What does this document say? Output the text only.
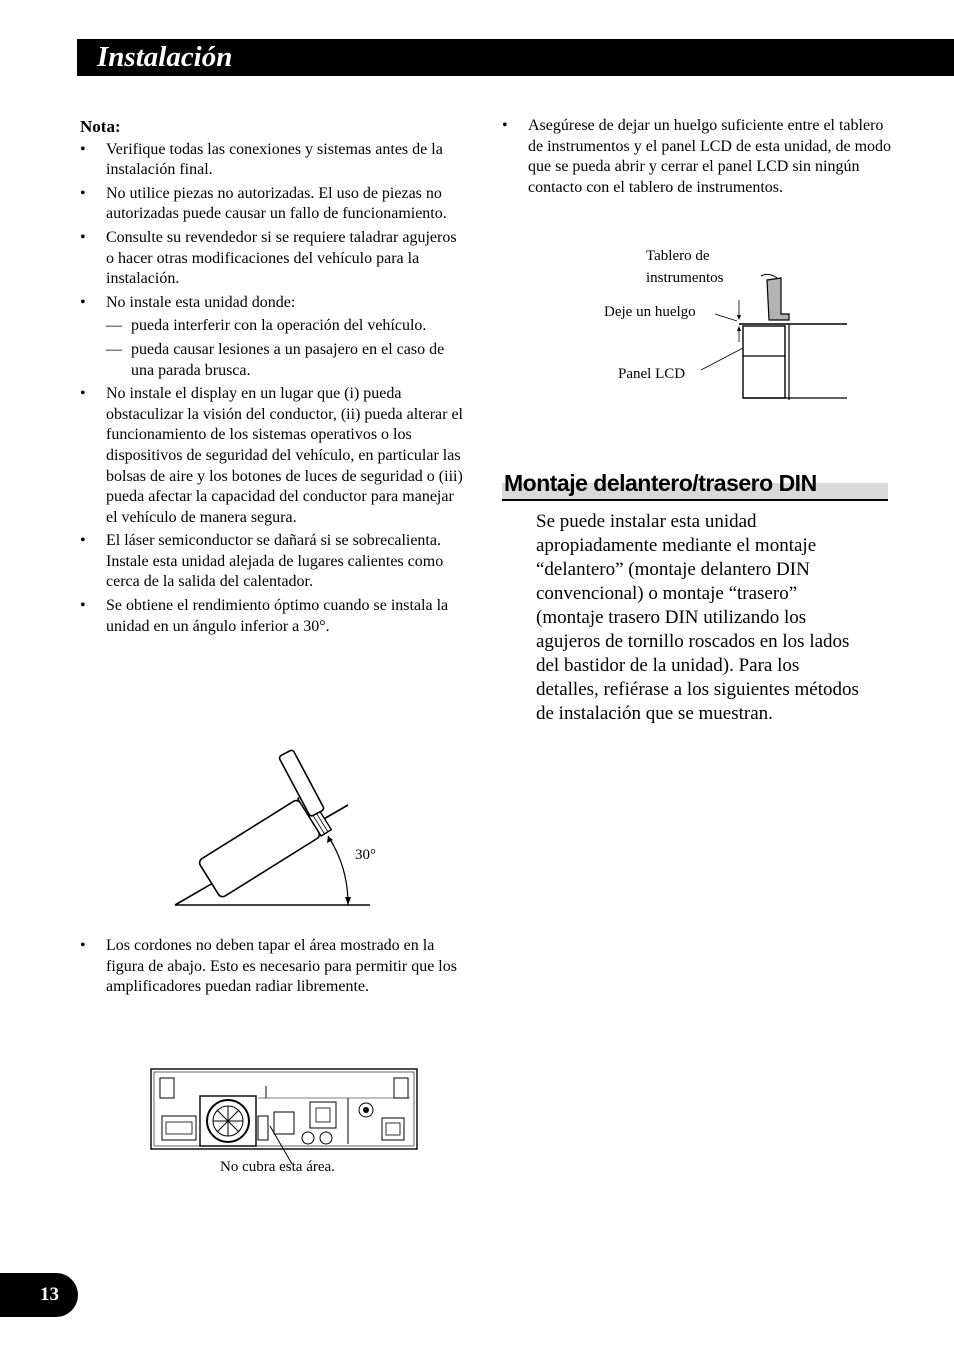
Instalación
Nota:
• Verifique todas las conexiones y sistemas antes de la instalación final.
• No utilice piezas no autorizadas. El uso de piezas no autorizadas puede causar un fallo de funcionamiento.
• Consulte su revendedor si se requiere taladrar agujeros o hacer otras modificaciones del vehículo para la instalación.
• No instale esta unidad donde:
— pueda interferir con la operación del vehículo.
— pueda causar lesiones a un pasajero en el caso de una parada brusca.
• No instale el display en un lugar que (i) pueda obstaculizar la visión del conductor, (ii) pueda alterar el funcionamiento de los sistemas operativos o los dispositivos de seguridad del vehículo, en particular las bolsas de aire y los botones de luces de seguridad o (iii) pueda afectar la capacidad del conductor para manejar el vehículo de manera segura.
• El láser semiconductor se dañará si se sobrecalienta. Instale esta unidad alejada de lugares calientes como cerca de la salida del calentador.
• Se obtiene el rendimiento óptimo cuando se instala la unidad en un ángulo inferior a 30°.
30°
• Los cordones no deben tapar el área mostrado en la figura de abajo. Esto es necesario para permitir que los amplificadores puedan radiar libremente.
No cubra esta área.
• Asegúrese de dejar un huelgo suficiente entre el tablero de instrumentos y el panel LCD de esta unidad, de modo que se pueda abrir y cerrar el panel LCD sin ningún contacto con el tablero de instrumentos.
Tablero de
instrumentos
Deje un huelgo
Panel LCD
Montaje delantero/trasero DIN
Se puede instalar esta unidad apropiadamente mediante el montaje “delantero” (montaje delantero DIN convencional) o montaje “trasero” (montaje trasero DIN utilizando los agujeros de tornillo roscados en los lados del bastidor de la unidad). Para los detalles, refiérase a los siguientes métodos de instalación que se muestran.
13
